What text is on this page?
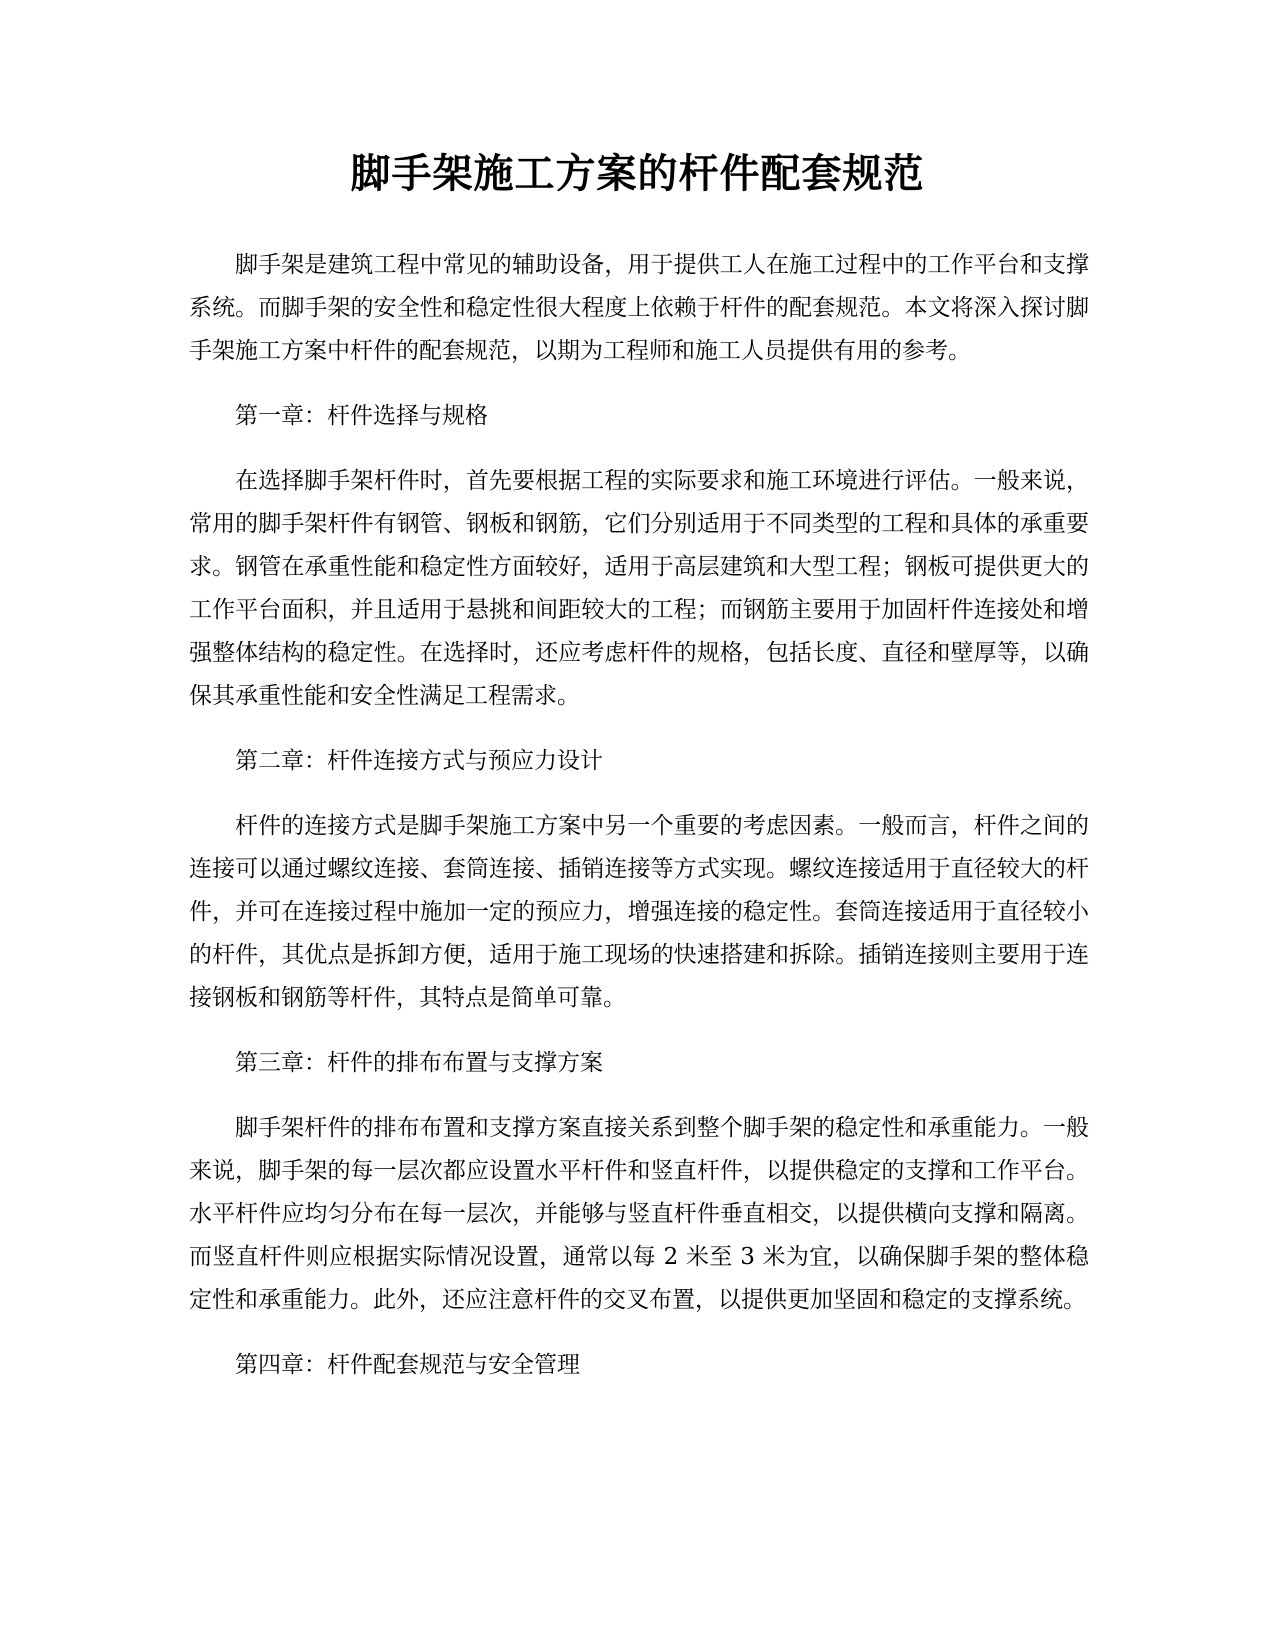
脚手架施工方案的杆件配套规范

脚手架是建筑工程中常见的辅助设备，用于提供工人在施工过程中的工作平台和支撑系统。而脚手架的安全性和稳定性很大程度上依赖于杆件的配套规范。本文将深入探讨脚手架施工方案中杆件的配套规范，以期为工程师和施工人员提供有用的参考。

第一章：杆件选择与规格

在选择脚手架杆件时，首先要根据工程的实际要求和施工环境进行评估。一般来说，常用的脚手架杆件有钢管、钢板和钢筋，它们分别适用于不同类型的工程和具体的承重要求。钢管在承重性能和稳定性方面较好，适用于高层建筑和大型工程；钢板可提供更大的工作平台面积，并且适用于悬挑和间距较大的工程；而钢筋主要用于加固杆件连接处和增强整体结构的稳定性。在选择时，还应考虑杆件的规格，包括长度、直径和壁厚等，以确保其承重性能和安全性满足工程需求。

第二章：杆件连接方式与预应力设计

杆件的连接方式是脚手架施工方案中另一个重要的考虑因素。一般而言，杆件之间的连接可以通过螺纹连接、套筒连接、插销连接等方式实现。螺纹连接适用于直径较大的杆件，并可在连接过程中施加一定的预应力，增强连接的稳定性。套筒连接适用于直径较小的杆件，其优点是拆卸方便，适用于施工现场的快速搭建和拆除。插销连接则主要用于连接钢板和钢筋等杆件，其特点是简单可靠。

第三章：杆件的排布布置与支撑方案

脚手架杆件的排布布置和支撑方案直接关系到整个脚手架的稳定性和承重能力。一般来说，脚手架的每一层次都应设置水平杆件和竖直杆件，以提供稳定的支撑和工作平台。水平杆件应均匀分布在每一层次，并能够与竖直杆件垂直相交，以提供横向支撑和隔离。而竖直杆件则应根据实际情况设置，通常以每 2 米至 3 米为宜，以确保脚手架的整体稳定性和承重能力。此外，还应注意杆件的交叉布置，以提供更加坚固和稳定的支撑系统。

第四章：杆件配套规范与安全管理
